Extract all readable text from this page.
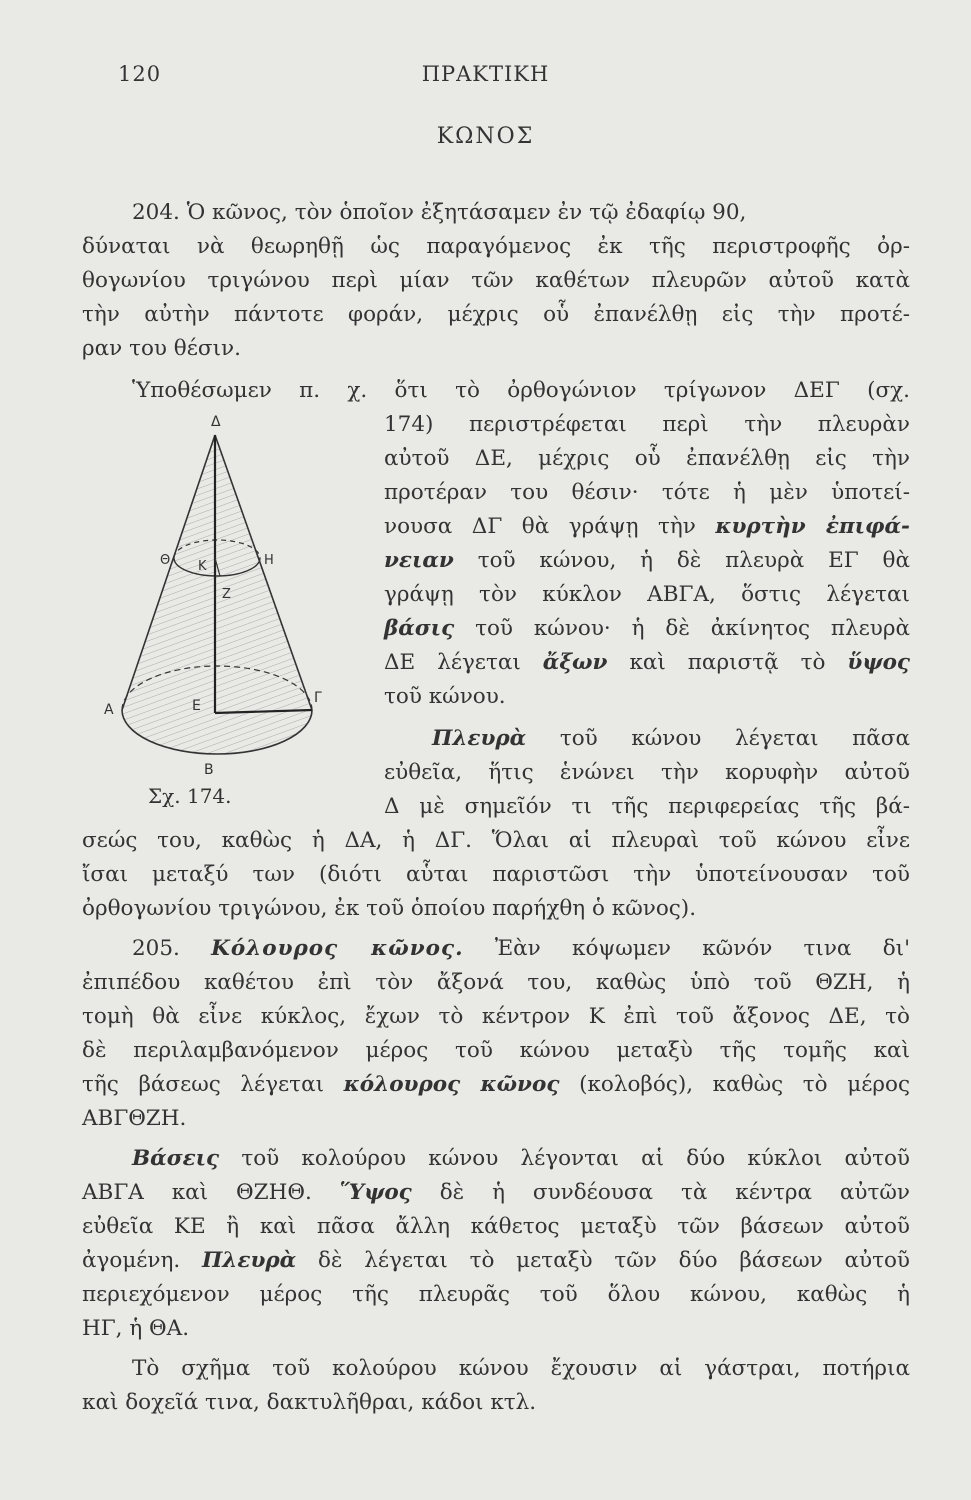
120	ΠΡΑΚΤΙΚΗ
ΚΩΝΟΣ
204. Ὁ κῶνος, τὸν ὁποῖον ἐξητάσαμεν ἐν τῷ ἐδαφίῳ 90,
δύναται νὰ θεωρηθῇ ὡς παραγόμενος ἐκ τῆς περιστροφῆς ὀρ-
θογωνίου τριγώνου περὶ μίαν τῶν καθέτων πλευρῶν αὐτοῦ κατὰ
τὴν αὐτὴν πάντοτε φοράν, μέχρις οὗ ἐπανέλθῃ εἰς τὴν προτέ-
ραν του θέσιν.
Ὑποθέσωμεν π. χ. ὅτι τὸ ὀρθογώνιον τρίγωνον ΔΕΓ (σχ.
174) περιστρέφεται περὶ τὴν πλευρὰν
αὐτοῦ ΔΕ, μέχρις οὗ ἐπανέλθῃ εἰς τὴν
προτέραν του θέσιν· τότε ἡ μὲν ὑποτεί-
νουσα ΔΓ θὰ γράψῃ τὴν κυρτὴν ἐπιφά-
νειαν τοῦ κώνου, ἡ δὲ πλευρὰ ΕΓ θὰ
γράψῃ τὸν κύκλον ΑΒΓΑ, ὅστις λέγεται
βάσις τοῦ κώνου· ἡ δὲ ἀκίνητος πλευρὰ
ΔΕ λέγεται ἄξων καὶ παριστᾷ τὸ ὕψος
τοῦ κώνου.
Πλευρὰ τοῦ κώνου λέγεται πᾶσα
εὐθεῖα, ἥτις ἑνώνει τὴν κορυφὴν αὐτοῦ
Δ μὲ σημεῖόν τι τῆς περιφερείας τῆς βά-
σεώς του, καθὼς ἡ ΔΑ, ἡ ΔΓ. Ὅλαι αἱ πλευραὶ τοῦ κώνου εἶνε
ἴσαι μεταξύ των (διότι αὗται παριστῶσι τὴν ὑποτείνουσαν τοῦ
ὀρθογωνίου τριγώνου, ἐκ τοῦ ὁποίου παρήχθη ὁ κῶνος).
205. Κόλουρος κῶνος. Ἐὰν κόψωμεν κῶνόν τινα δι'
ἐπιπέδου καθέτου ἐπὶ τὸν ἄξονά του, καθὼς ὑπὸ τοῦ ΘΖΗ, ἡ
τομὴ θὰ εἶνε κύκλος, ἔχων τὸ κέντρον Κ ἐπὶ τοῦ ἄξονος ΔΕ, τὸ
δὲ περιλαμβανόμενον μέρος τοῦ κώνου μεταξὺ τῆς τομῆς καὶ
τῆς βάσεως λέγεται κόλουρος κῶνος (κολοβός), καθὼς τὸ μέρος
ΑΒΓΘΖΗ.
Βάσεις τοῦ κολούρου κώνου λέγονται αἱ δύο κύκλοι αὐτοῦ
ΑΒΓΑ καὶ ΘΖΗΘ. Ὕψος δὲ ἡ συνδέουσα τὰ κέντρα αὐτῶν
εὐθεῖα ΚΕ ἢ καὶ πᾶσα ἄλλη κάθετος μεταξὺ τῶν βάσεων αὐτοῦ
ἀγομένη. Πλευρὰ δὲ λέγεται τὸ μεταξὺ τῶν δύο βάσεων αὐτοῦ
περιεχόμενον μέρος τῆς πλευρᾶς τοῦ ὅλου κώνου, καθὼς ἡ
ΗΓ, ἡ ΘΑ.
Τὸ σχῆμα τοῦ κολούρου κώνου ἔχουσιν αἱ γάστραι, ποτήρια
καὶ δοχεῖά τινα, δακτυλῆθραι, κάδοι κτλ.
Δ
Θ Κ	Η
Ζ
Α	Ε	Γ
Β
Σχ. 174.
